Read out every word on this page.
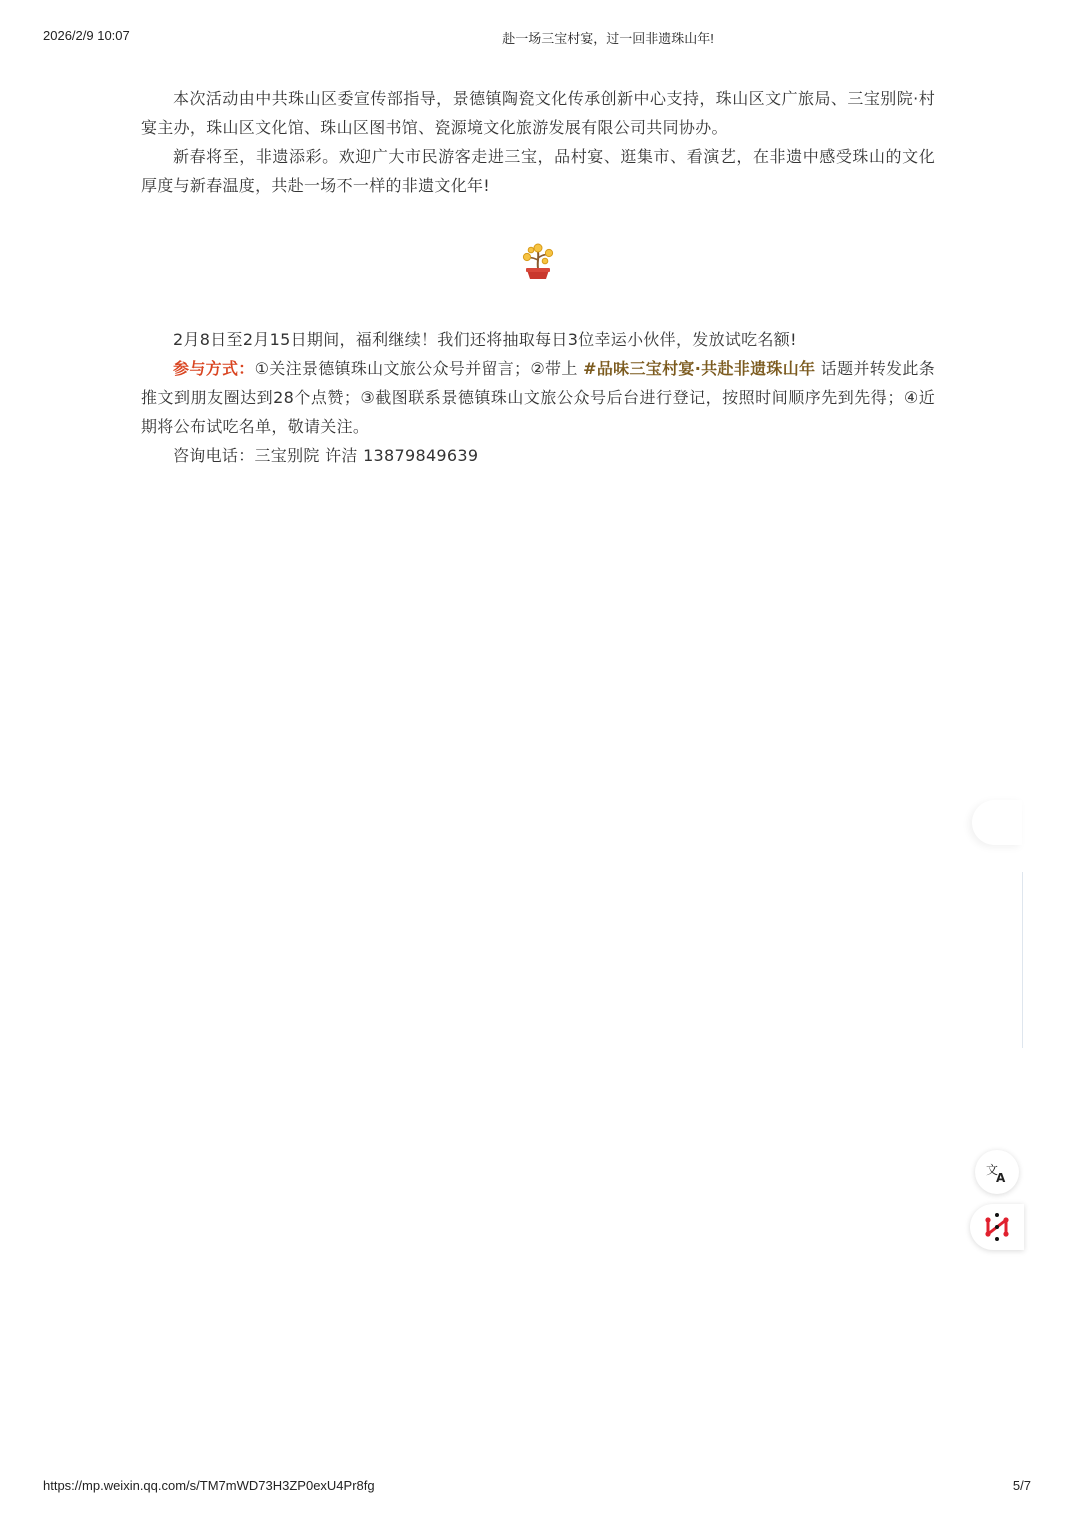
2026/2/9 10:07	赴一场三宝村宴，过一回非遗珠山年!

本次活动由中共珠山区委宣传部指导，景德镇陶瓷文化传承创新中心支持，珠山区文广旅局、三宝别院·村宴主办，珠山区文化馆、珠山区图书馆、瓷源境文化旅游发展有限公司共同协办。

新春将至，非遗添彩。欢迎广大市民游客走进三宝，品村宴、逛集市、看演艺，在非遗中感受珠山的文化厚度与新春温度，共赴一场不一样的非遗文化年!

2月8日至2月15日期间，福利继续！我们还将抽取每日3位幸运小伙伴，发放试吃名额!

参与方式：①关注景德镇珠山文旅公众号并留言；②带上 #品味三宝村宴·共赴非遗珠山年 话题并转发此条推文到朋友圈达到28个点赞；③截图联系景德镇珠山文旅公众号后台进行登记，按照时间顺序先到先得；④近期将公布试吃名单，敬请关注。

咨询电话：三宝别院 许洁 13879849639

文
A
https://mp.weixin.qq.com/s/TM7mWD73H3ZP0exU4Pr8fg	5/7
